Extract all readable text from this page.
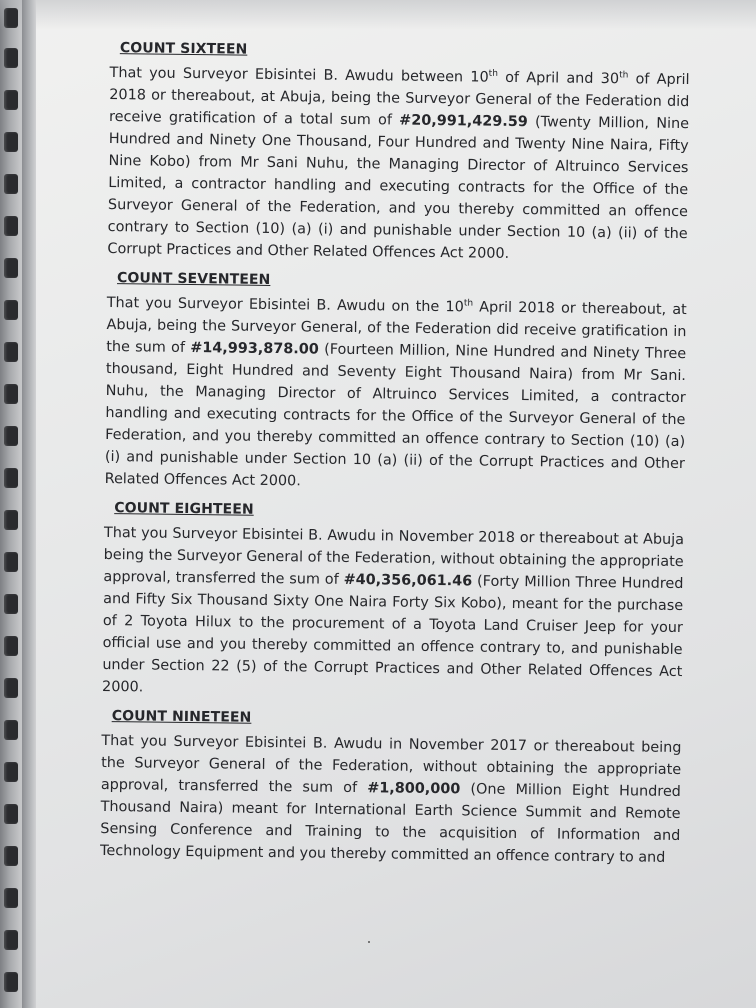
COUNT SIXTEEN

That you Surveyor Ebisintei B. Awudu between 10th of April and 30th of April 2018 or thereabout, at Abuja, being the Surveyor General of the Federation did receive gratification of a total sum of #20,991,429.59 (Twenty Million, Nine Hundred and Ninety One Thousand, Four Hundred and Twenty Nine Naira, Fifty Nine Kobo) from Mr Sani Nuhu, the Managing Director of Altruinco Services Limited, a contractor handling and executing contracts for the Office of the Surveyor General of the Federation, and you thereby committed an offence contrary to Section (10) (a) (i) and punishable under Section 10 (a) (ii) of the Corrupt Practices and Other Related Offences Act 2000.

COUNT SEVENTEEN

That you Surveyor Ebisintei B. Awudu on the 10th April 2018 or thereabout, at Abuja, being the Surveyor General, of the Federation did receive gratification in the sum of #14,993,878.00 (Fourteen Million, Nine Hundred and Ninety Three thousand, Eight Hundred and Seventy Eight Thousand Naira) from Mr Sani. Nuhu, the Managing Director of Altruinco Services Limited, a contractor handling and executing contracts for the Office of the Surveyor General of the Federation, and you thereby committed an offence contrary to Section (10) (a) (i) and punishable under Section 10 (a) (ii) of the Corrupt Practices and Other Related Offences Act 2000.

COUNT EIGHTEEN

That you Surveyor Ebisintei B. Awudu in November 2018 or thereabout at Abuja being the Surveyor General of the Federation, without obtaining the appropriate approval, transferred the sum of #40,356,061.46 (Forty Million Three Hundred and Fifty Six Thousand Sixty One Naira Forty Six Kobo), meant for the purchase of 2 Toyota Hilux to the procurement of a Toyota Land Cruiser Jeep for your official use and you thereby committed an offence contrary to, and punishable under Section 22 (5) of the Corrupt Practices and Other Related Offences Act 2000.

COUNT NINETEEN

That you Surveyor Ebisintei B. Awudu in November 2017 or thereabout being the Surveyor General of the Federation, without obtaining the appropriate approval, transferred the sum of #1,800,000 (One Million Eight Hundred Thousand Naira) meant for International Earth Science Summit and Remote Sensing Conference and Training to the acquisition of Information and Technology Equipment and you thereby committed an offence contrary to and
